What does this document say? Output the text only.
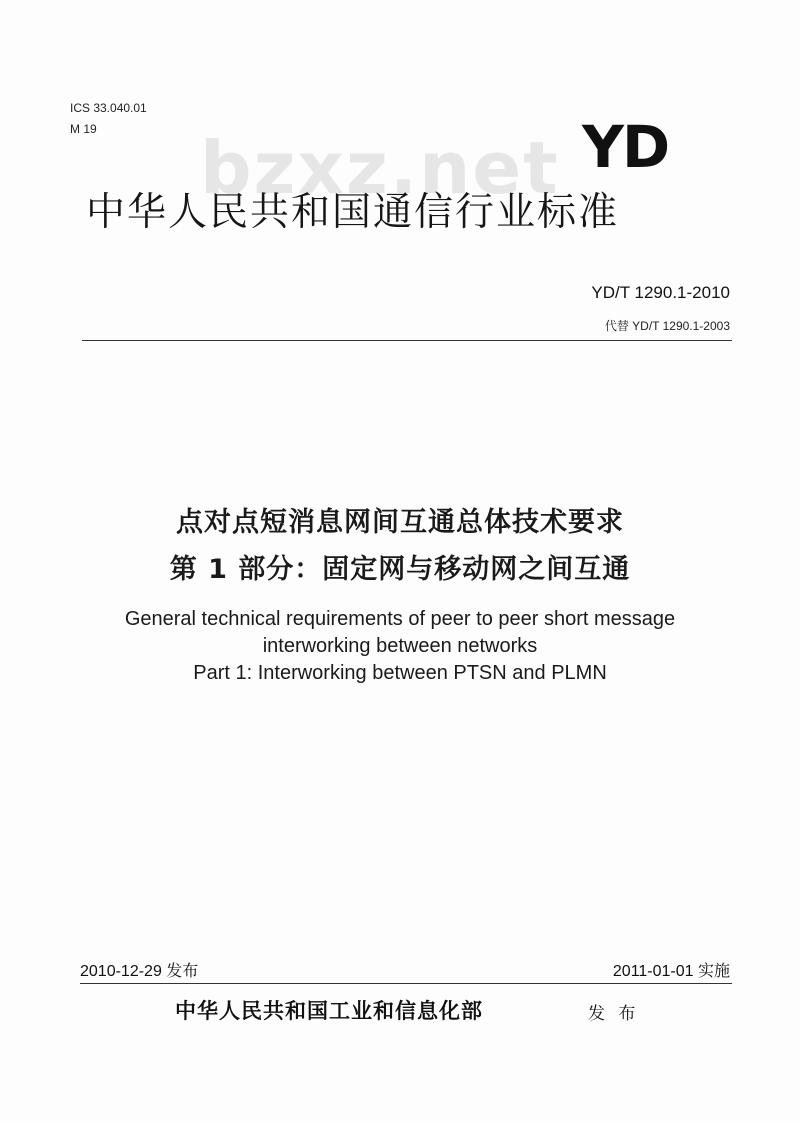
ICS 33.040.01
M 19 bzxz.net YD
中华人民共和国通信行业标准
YD/T 1290.1-2010
代替 YD/T 1290.1-2003
点对点短消息网间互通总体技术要求
第 1 部分：固定网与移动网之间互通
General technical requirements of peer to peer short message
interworking between networks
Part 1: Interworking between PTSN and PLMN
2010-12-29 发布	2011-01-01 实施
中华人民共和国工业和信息化部	发 布
